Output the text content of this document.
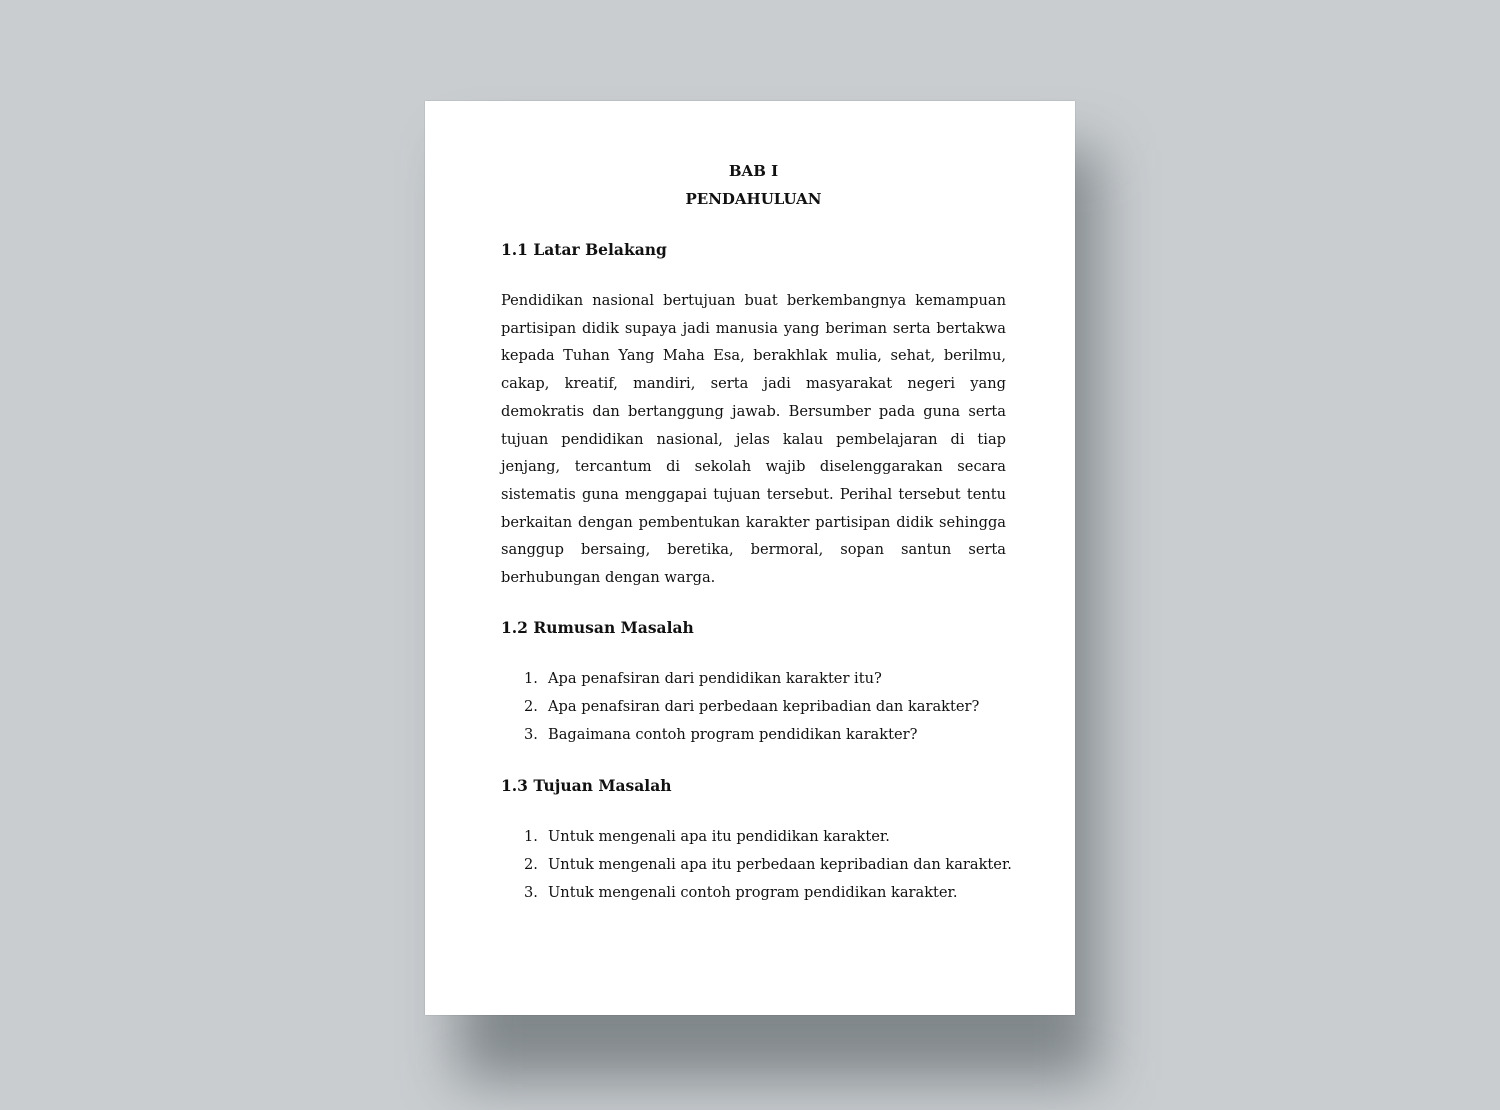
BAB I
PENDAHULUAN
1.1 Latar Belakang

Pendidikan nasional bertujuan buat berkembangnya kemampuan partisipan didik supaya jadi manusia yang beriman serta bertakwa kepada Tuhan Yang Maha Esa, berakhlak mulia, sehat, berilmu, cakap, kreatif, mandiri, serta jadi masyarakat negeri yang demokratis dan bertanggung jawab. Bersumber pada guna serta tujuan pendidikan nasional, jelas kalau pembelajaran di tiap jenjang, tercantum di sekolah wajib diselenggarakan secara sistematis guna menggapai tujuan tersebut. Perihal tersebut tentu berkaitan dengan pembentukan karakter partisipan didik sehingga sanggup bersaing, beretika, bermoral, sopan santun serta berhubungan dengan warga.

1.2 Rumusan Masalah
1. Apa penafsiran dari pendidikan karakter itu?
2. Apa penafsiran dari perbedaan kepribadian dan karakter?
3. Bagaimana contoh program pendidikan karakter?
1.3 Tujuan Masalah
1. Untuk mengenali apa itu pendidikan karakter.
2. Untuk mengenali apa itu perbedaan kepribadian dan karakter.
3. Untuk mengenali contoh program pendidikan karakter.
